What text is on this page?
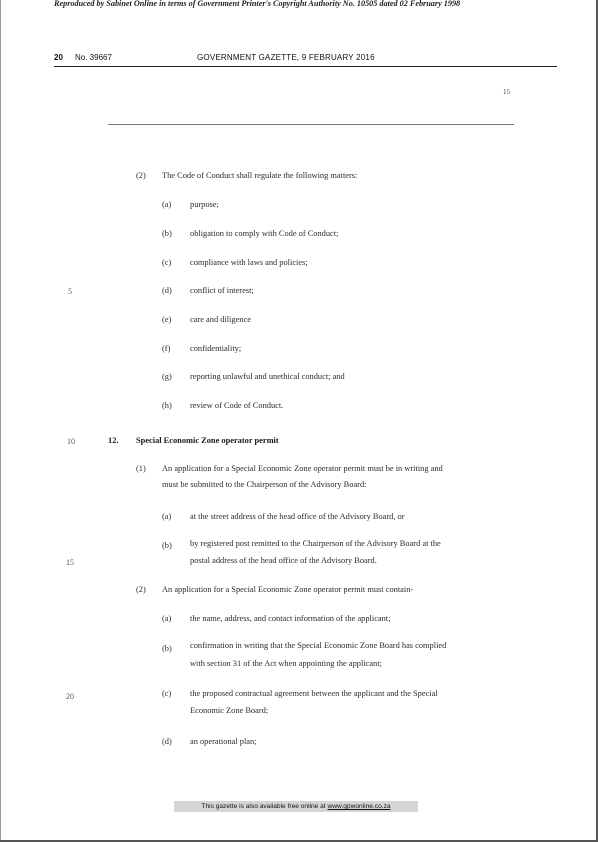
Reproduced by Sabinet Online in terms of Government Printer's Copyright Authority No. 10505 dated 02 February 1998
20 No. 39667	GOVERNMENT GAZETTE, 9 FEBRUARY 2016
15
(2) The Code of Conduct shall regulate the following matters:
(a) purpose;
(b) obligation to comply with Code of Conduct;
(c) compliance with laws and policies;
5	(d) conflict of interest;
(e) care and diligence
(f) confidentiality;
(g) reporting unlawful and unethical conduct; and
(h) review of Code of Conduct.
10	12. Special Economic Zone operator permit
(1) An application for a Special Economic Zone operator permit must be in writing and
must be submitted to the Chairperson of the Advisory Board:
(a) at the street address of the head office of the Advisory Board, or
(b) by registered post remitted to the Chairperson of the Advisory Board at the
15	postal address of the head office of the Advisory Board.
(2) An application for a Special Economic Zone operator permit must contain-
(a) the name, address, and contact information of the applicant;
(b) confirmation in writing that the Special Economic Zone Board has complied
with section 31 of the Act when appointing the applicant;
20	(c) the proposed contractual agreement between the applicant and the Special
Economic Zone Board;
(d) an operational plan;
This gazette is also available free online at www.gpwonline.co.za
